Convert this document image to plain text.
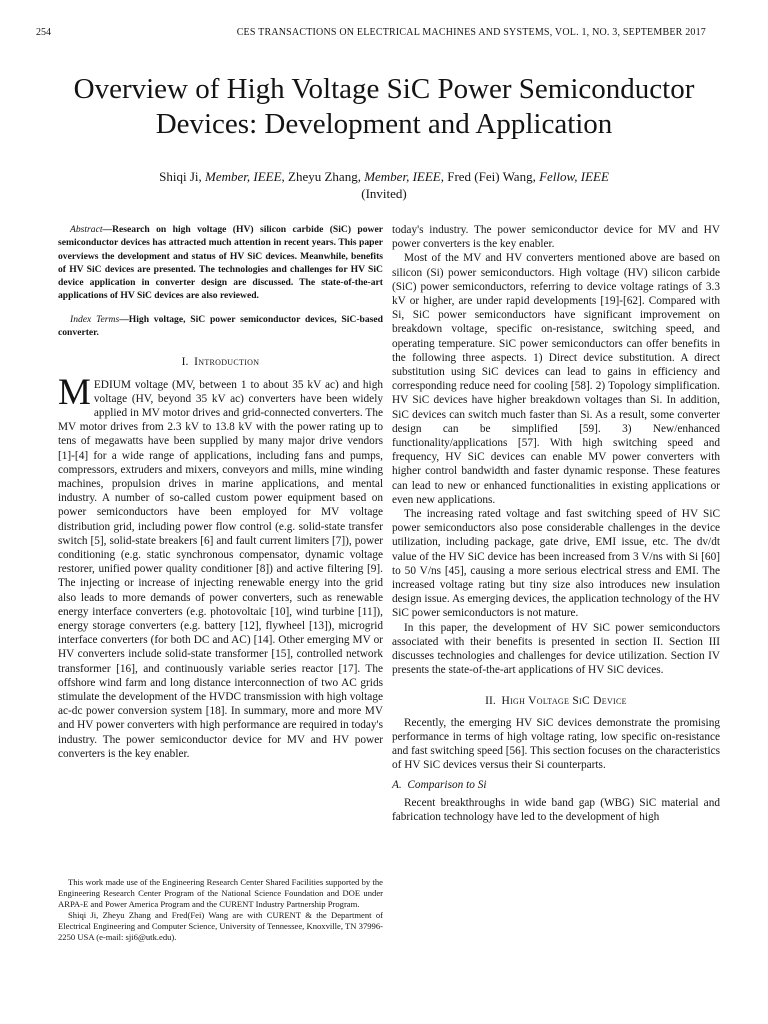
254	CES TRANSACTIONS ON ELECTRICAL MACHINES AND SYSTEMS, VOL. 1, NO. 3, SEPTEMBER 2017
Overview of High Voltage SiC Power Semiconductor
Devices: Development and Application
Shiqi Ji, Member, IEEE, Zheyu Zhang, Member, IEEE, Fred (Fei) Wang, Fellow, IEEE
(Invited)

Abstract—Research on high voltage (HV) silicon carbide (SiC) power semiconductor devices has attracted much attention in recent years. This paper overviews the development and status of HV SiC devices. Meanwhile, benefits of HV SiC devices are presented. The technologies and challenges for HV SiC device application in converter design are discussed. The state-of-the-art applications of HV SiC devices are also reviewed.

Index Terms—High voltage, SiC power semiconductor devices, SiC-based converter.

I. Introduction

MEDIUM voltage (MV, between 1 to about 35 kV ac) and high voltage (HV, beyond 35 kV ac) converters have been widely applied in MV motor drives and grid-connected converters. The MV motor drives from 2.3 kV to 13.8 kV with the power rating up to tens of megawatts have been supplied by many major drive vendors [1]-[4] for a wide range of applications, including fans and pumps, compressors, extruders and mixers, conveyors and mills, mine winding machines, propulsion drives in marine applications, and mental industry. A number of so-called custom power equipment based on power semiconductors have been employed for MV voltage distribution grid, including power flow control (e.g. solid-state transfer switch [5], solid-state breakers [6] and fault current limiters [7]), power conditioning (e.g. static synchronous compensator, dynamic voltage restorer, unified power quality conditioner [8]) and active filtering [9]. The injecting or increase of injecting renewable energy into the grid also leads to more demands of power converters, such as renewable energy interface converters (e.g. photovoltaic [10], wind turbine [11]), energy storage converters (e.g. battery [12], flywheel [13]), microgrid interface converters (for both DC and AC) [14]. Other emerging MV or HV converters include solid-state transformer [15], controlled network transformer [16], and continuously variable series reactor [17]. The offshore wind farm and long distance interconnection of two AC grids stimulate the development of the HVDC transmission with high voltage ac-dc power conversion system [18]. In summary, more and more MV and HV power converters with high performance are required in today's industry. The power semiconductor device for MV and HV power converters is the key enabler.

today's industry. The power semiconductor device for MV and HV power converters is the key enabler.

Most of the MV and HV converters mentioned above are based on silicon (Si) power semiconductors. High voltage (HV) silicon carbide (SiC) power semiconductors, referring to device voltage ratings of 3.3 kV or higher, are under rapid developments [19]-[62]. Compared with Si, SiC power semiconductors have significant improvement on breakdown voltage, specific on-resistance, switching speed, and operating temperature. SiC power semiconductors can offer benefits in the following three aspects. 1) Direct device substitution. A direct substitution using SiC devices can lead to gains in efficiency and corresponding reduce need for cooling [58]. 2) Topology simplification. HV SiC devices have higher breakdown voltages than Si. In addition, SiC devices can switch much faster than Si. As a result, some converter design can be simplified [59]. 3) New/enhanced functionality/applications [57]. With high switching speed and frequency, HV SiC devices can enable MV power converters with higher control bandwidth and faster dynamic response. These features can lead to new or enhanced functionalities in existing applications or even new applications.

The increasing rated voltage and fast switching speed of HV SiC power semiconductors also pose considerable challenges in the device utilization, including package, gate drive, EMI issue, etc. The dv/dt value of the HV SiC device has been increased from 3 V/ns with Si [60] to 50 V/ns [45], causing a more serious electrical stress and EMI. The increased voltage rating but tiny size also introduces new insulation design issue. As emerging devices, the application technology of the HV SiC power semiconductors is not mature.

In this paper, the development of HV SiC power semiconductors associated with their benefits is presented in section II. Section III discusses technologies and challenges for device utilization. Section IV presents the state-of-the-art applications of HV SiC devices.

II. High Voltage SiC Device

Recently, the emerging HV SiC devices demonstrate the promising performance in terms of high voltage rating, low specific on-resistance and fast switching speed [56]. This section focuses on the characteristics of HV SiC devices versus their Si counterparts.

A. Comparison to Si

Recent breakthroughs in wide band gap (WBG) SiC material and fabrication technology have led to the development of high

This work made use of the Engineering Research Center Shared Facilities supported by the Engineering Research Center Program of the National Science Foundation and DOE under ARPA-E and Power America Program and the CURENT Industry Partnership Program.

Shiqi Ji, Zheyu Zhang and Fred(Fei) Wang are with CURENT & the Department of Electrical Engineering and Computer Science, University of Tennessee, Knoxville, TN 37996-2250 USA (e-mail: sji6@utk.edu).
